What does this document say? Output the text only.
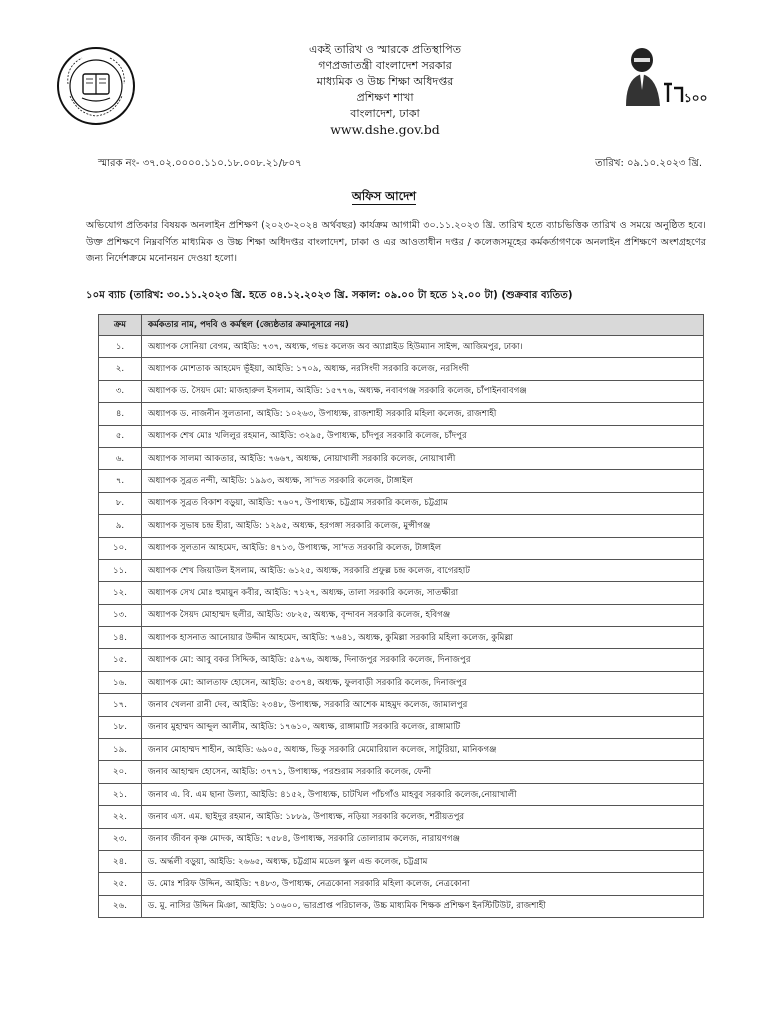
১০০
একই তারিখ ও স্মারকে প্রতিস্থাপিত
গণপ্রজাতন্ত্রী বাংলাদেশ সরকার
মাধ্যমিক ও উচ্চ শিক্ষা অধিদপ্তর
প্রশিক্ষণ শাখা
বাংলাদেশ, ঢাকা
www.dshe.gov.bd
স্মারক নং- ৩৭.০২.০০০০.১১০.১৮.০০৮.২১/৮০৭	তারিখ: ০৯.১০.২০২৩ খ্রি.
অফিস আদেশ
অভিযোগ প্রতিকার বিষয়ক অনলাইন প্রশিক্ষণ (২০২৩-২০২৪ অর্থবছর) কার্যক্রম আগামী ৩০.১১.২০২৩ খ্রি. তারিখ হতে ব্যাচভিত্তিক তারিখ ও সময়ে অনুষ্ঠিত হবে। উক্ত প্রশিক্ষণে নিম্নবর্ণিত মাধ্যমিক ও উচ্চ শিক্ষা অধিদপ্তর বাংলাদেশ, ঢাকা ও এর আওতাধীন দপ্তর / কলেজসমূহের কর্মকর্তাগণকে অনলাইন প্রশিক্ষণে অংশগ্রহণের জন্য নির্দেশক্রমে মনোনয়ন দেওয়া হলো।
১০ম ব্যাচ (তারিখ: ৩০.১১.২০২৩ খ্রি. হতে ০৪.১২.২০২৩ খ্রি. সকাল: ০৯.০০ টা হতে ১২.০০ টা) (শুক্রবার ব্যতিত)
ক্রম	কর্মকতার নাম, পদবি ও কর্মস্থল (জ্যেষ্ঠতার ক্রমানুসারে নয়)
১.	অধ্যাপক সোনিয়া বেগম, আইডি: ৭৩৭, অধ্যক্ষ, গভঃ কলেজ অব অ্যাপ্লাইড হিউম্যান সাইন্স, আজিমপুর, ঢাকা।
২.	অধ্যাপক মোশতাক আহমেদ ভূঁইয়া, আইডি: ১৭০৯, অধ্যক্ষ, নরসিংদী সরকারি কলেজ, নরসিংদী
৩.	অধ্যাপক ড. সৈয়দ মো: মাজহারুল ইসলাম, আইডি: ১৫৭৭৬, অধ্যক্ষ, নবাবগঞ্জ সরকারি কলেজ, চাঁপাইনবাবগঞ্জ
৪.	অধ্যাপক ড. নাজনীন সুলতানা, আইডি: ১০২৬৩, উপাধ্যক্ষ, রাজশাহী সরকারি মহিলা কলেজ, রাজশাহী
৫.	অধ্যাপক শেখ মোঃ খলিলুর রহমান, আইডি: ৩২৯৫, উপাধ্যক্ষ, চাঁদপুর সরকারি কলেজ, চাঁদপুর
৬.	অধ্যাপক সালমা আকতার, আইডি: ৭৬৬৭, অধ্যক্ষ, নোয়াখালী সরকারি কলেজ, নোয়াখালী
৭.	অধ্যাপক সুব্রত নন্দী, আইডি: ১৯৯৩, অধ্যক্ষ, সা'দত সরকারি কলেজ, টাঙ্গাইল
৮.	অধ্যাপক সুব্রত বিকাশ বড়ুয়া, আইডি: ৭৬০৭, উপাধ্যক্ষ, চট্টগ্রাম সরকারি কলেজ, চট্টগ্রাম
৯.	অধ্যাপক সুভাষ চন্দ্র হীরা, আইডি: ১২৯৫, অধ্যক্ষ, হরগঙ্গা সরকারি কলেজ, মুন্সীগঞ্জ
১০.	অধ্যাপক সুলতান আহমেদ, আইডি: ৪৭১৩, উপাধ্যক্ষ, সা'দত সরকারি কলেজ, টাঙ্গাইল
১১.	অধ্যাপক শেখ জিয়াউল ইসলাম, আইডি: ৬১২৫, অধ্যক্ষ, সরকারি প্রফুল্ল চন্দ্র কলেজ, বাগেরহাট
১২.	অধ্যাপক সেখ মোঃ হুমায়ুন কবীর, আইডি: ৭১২৭, অধ্যক্ষ, তালা সরকারি কলেজ, সাতক্ষীরা
১৩.	অধ্যাপক সৈয়দ মোহাম্মদ ছলীর, আইডি: ৩৮২৫, অধ্যক্ষ, বৃন্দাবন সরকারি কলেজ, হবিগঞ্জ
১৪.	অধ্যাপক হাসনাত আনোয়ার উদ্দীন আহমেদ, আইডি: ৭৬৪১, অধ্যক্ষ, কুমিল্লা সরকারি মহিলা কলেজ, কুমিল্লা
১৫.	অধ্যাপক মো: আবু বকর সিদ্দিক, আইডি: ৫৯৭৬, অধ্যক্ষ, দিনাজপুর সরকারি কলেজ, দিনাজপুর
১৬.	অধ্যাপক মো: আলতাফ হোসেন, আইডি: ৫৩৭৪, অধ্যক্ষ, ফুলবাড়ী সরকারি কলেজ, দিনাজপুর
১৭.	জনাব খেলনা রানী দেব, আইডি: ২৩৪৮, উপাধ্যক্ষ, সরকারি আশেক মাহমুদ কলেজ, জামালপুর
১৮.	জনাব মুহাম্মদ আব্দুল আলীম, আইডি: ১৭৬১০, অধ্যক্ষ, রাঙ্গামাটি সরকারি কলেজ, রাঙ্গামাটি
১৯.	জনাব মোহাম্মদ শাহীন, আইডি: ৬৯০৫, অধ্যক্ষ, ভিকু সরকারি মেমোরিয়াল কলেজ, সাটুরিয়া, মানিকগঞ্জ
২০.	জনাব আহাম্মদ হোসেন, আইডি: ৩৭৭১, উপাধ্যক্ষ, পরশুরাম সরকারি কলেজ, ফেনী
২১.	জনাব এ. বি. এম ছানা উল্যা, আইডি: ৪১৫২, উপাধ্যক্ষ, চাটখিল পাঁচগাঁও মাহবুব সরকারি কলেজ,নোয়াখালী
২২.	জনাব এস. এম. ছাইদুর রহমান, আইডি: ১৮৮৯, উপাধ্যক্ষ, নড়িয়া সরকারি কলেজ, শরীয়তপুর
২৩.	জনাব জীবন কৃষ্ণ মোদক, আইডি: ৭৫৮৪, উপাধ্যক্ষ, সরকারি তোলারাম কলেজ, নারায়ণগঞ্জ
২৪.	ড. অর্দ্ধলী বড়ুয়া, আইডি: ২৬৬৫, অধ্যক্ষ, চট্টগ্রাম মডেল স্কুল এন্ড কলেজ, চট্টগ্রাম
২৫.	ড. মোঃ শরিফ উদ্দিন, আইডি: ৭৪৮৩, উপাধ্যক্ষ, নেত্রকোনা সরকারি মহিলা কলেজ, নেত্রকোনা
২৬.	ড. মু. নাসির উদ্দিন মিঞা, আইডি: ১০৬০০, ভারপ্রাপ্ত পরিচালক, উচ্চ মাধ্যমিক শিক্ষক প্রশিক্ষণ ইনস্টিটিউট, রাজশাহী
